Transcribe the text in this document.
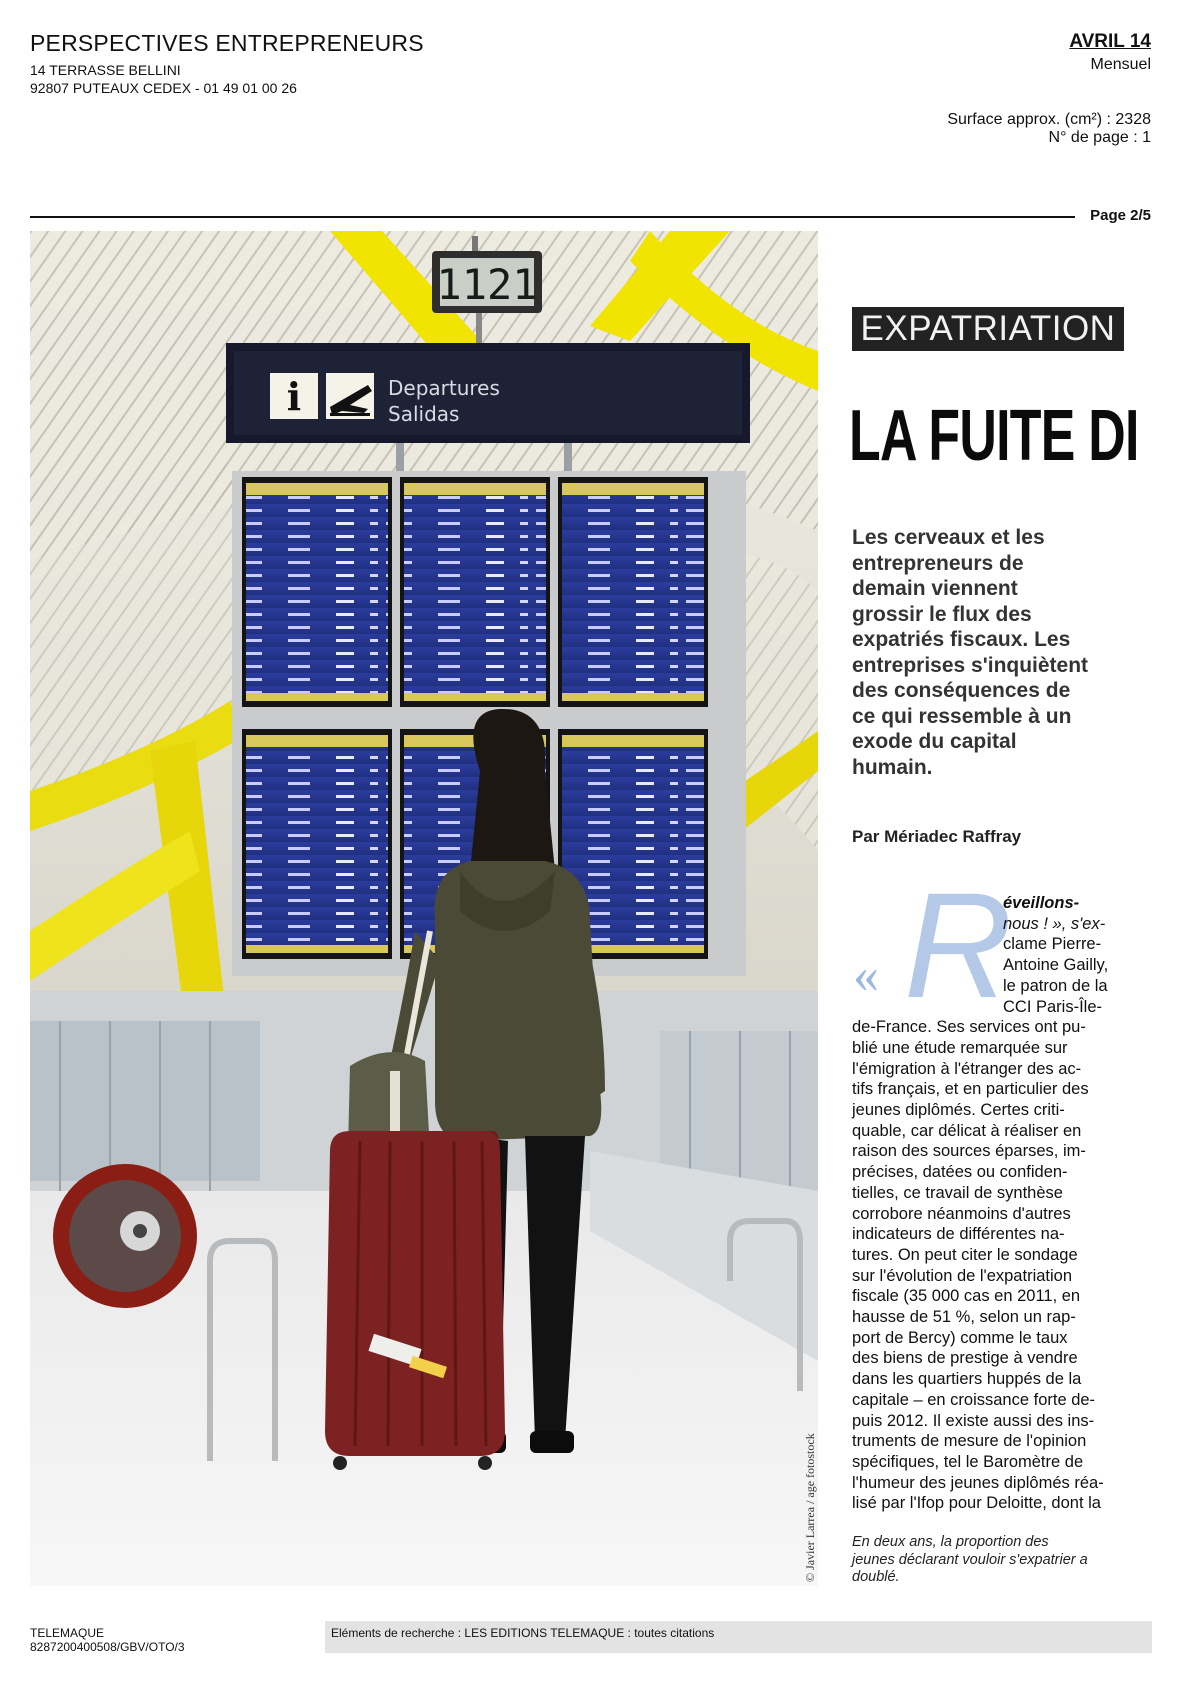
PERSPECTIVES ENTREPRENEURS
14 TERRASSE BELLINI
92807 PUTEAUX CEDEX - 01 49 01 00 26
AVRIL 14
Mensuel
Surface approx. (cm²) : 2328
N° de page : 1
Page 2/5
1121
i	Departures
Salidas
© Javier Larrea / age fotostock
EXPATRIATION
LA FUITE DI
Les cerveaux et les entrepreneurs de demain viennent grossir le flux des expatriés fiscaux. Les entreprises s'inquiètent des conséquences de ce qui ressemble à un exode du capital humain.
Par Mériadec Raffray
« R
En deux ans, la proportion des jeunes déclarant vouloir s'expatrier a doublé.
TELEMAQUE
8287200400508/GBV/OTO/3
Eléments de recherche : LES EDITIONS TELEMAQUE : toutes citations
éveillons-
nous ! », s'ex-
clame Pierre-
Antoine Gailly,
le patron de la
CCI Paris-Île-
de-France. Ses services ont pu-
blié une étude remarquée sur
l'émigration à l'étranger des ac-
tifs français, et en particulier des
jeunes diplômés. Certes criti-
quable, car délicat à réaliser en
raison des sources éparses, im-
précises, datées ou confiden-
tielles, ce travail de synthèse
corrobore néanmoins d'autres
indicateurs de différentes na-
tures. On peut citer le sondage
sur l'évolution de l'expatriation
fiscale (35 000 cas en 2011, en
hausse de 51 %, selon un rap-
port de Bercy) comme le taux
des biens de prestige à vendre
dans les quartiers huppés de la
capitale – en croissance forte de-
puis 2012. Il existe aussi des ins-
truments de mesure de l'opinion
spécifiques, tel le Baromètre de
l'humeur des jeunes diplômés réa-
lisé par l'Ifop pour Deloitte, dont la
